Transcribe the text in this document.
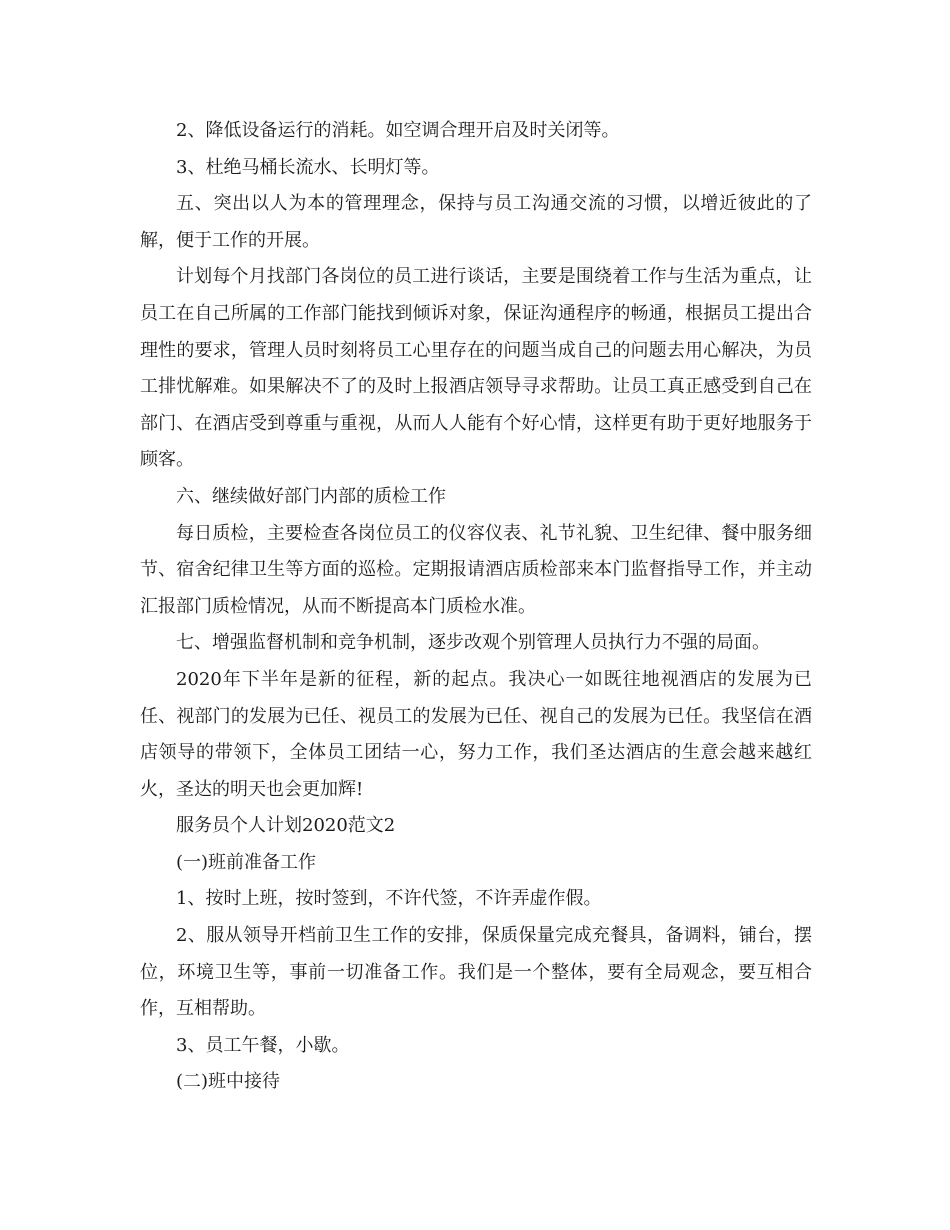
2、降低设备运行的消耗。如空调合理开启及时关闭等。

3、杜绝马桶长流水、长明灯等。

五、突出以人为本的管理理念，保持与员工沟通交流的习惯，以增近彼此的了解，便于工作的开展。

计划每个月找部门各岗位的员工进行谈话，主要是围绕着工作与生活为重点，让员工在自己所属的工作部门能找到倾诉对象，保证沟通程序的畅通，根据员工提出合理性的要求，管理人员时刻将员工心里存在的问题当成自己的问题去用心解决，为员工排忧解难。如果解决不了的及时上报酒店领导寻求帮助。让员工真正感受到自己在部门、在酒店受到尊重与重视，从而人人能有个好心情，这样更有助于更好地服务于顾客。

六、继续做好部门内部的质检工作

每日质检，主要检查各岗位员工的仪容仪表、礼节礼貌、卫生纪律、餐中服务细节、宿舍纪律卫生等方面的巡检。定期报请酒店质检部来本门监督指导工作，并主动汇报部门质检情况，从而不断提高本门质检水准。

七、增强监督机制和竞争机制，逐步改观个别管理人员执行力不强的局面。

2020年下半年是新的征程，新的起点。我决心一如既往地视酒店的发展为已任、视部门的发展为已任、视员工的发展为已任、视自己的发展为已任。我坚信在酒店领导的带领下，全体员工团结一心，努力工作，我们圣达酒店的生意会越来越红火，圣达的明天也会更加辉!

服务员个人计划2020范文2

(一)班前准备工作

1、按时上班，按时签到，不许代签，不许弄虚作假。

2、服从领导开档前卫生工作的安排，保质保量完成充餐具，备调料，铺台，摆位，环境卫生等，事前一切准备工作。我们是一个整体，要有全局观念，要互相合作，互相帮助。

3、员工午餐，小歇。

(二)班中接待
